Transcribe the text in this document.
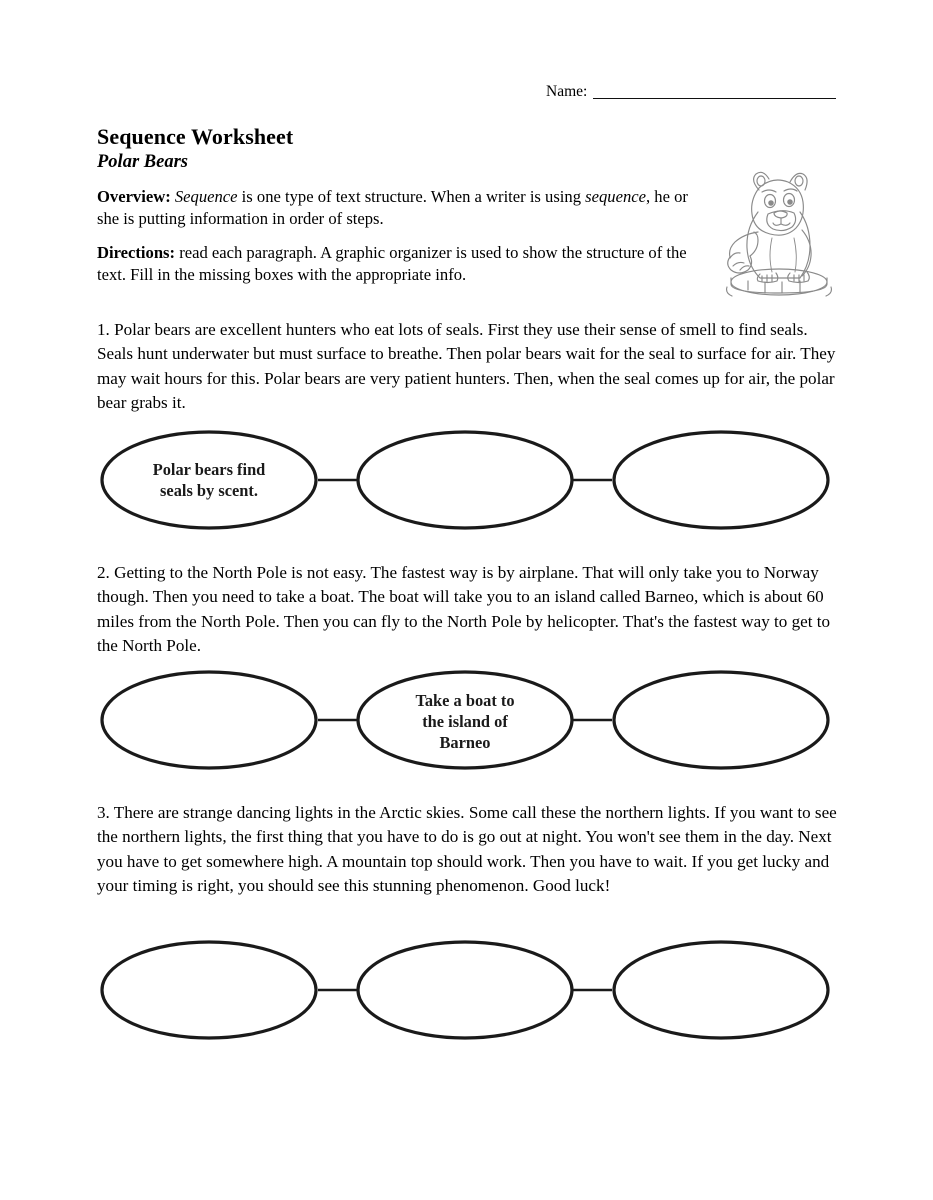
Name:
Sequence Worksheet
Polar Bears
Overview: Sequence is one type of text structure. When a writer is using sequence, he or she is putting information in order of steps.
Directions: read each paragraph. A graphic organizer is used to show the structure of the text. Fill in the missing boxes with the appropriate info.
1. Polar bears are excellent hunters who eat lots of seals. First they use their sense of smell to find seals. Seals hunt underwater but must surface to breathe. Then polar bears wait for the seal to surface for air. They may wait hours for this. Polar bears are very patient hunters. Then, when the seal comes up for air, the polar bear grabs it.
Polar bears find
seals by scent.
2. Getting to the North Pole is not easy. The fastest way is by airplane. That will only take you to Norway though. Then you need to take a boat. The boat will take you to an island called Barneo, which is about 60 miles from the North Pole. Then you can fly to the North Pole by helicopter. That's the fastest way to get to the North Pole.
Take a boat to
the island of
Barneo
3. There are strange dancing lights in the Arctic skies. Some call these the northern lights. If you want to see the northern lights, the first thing that you have to do is go out at night. You won't see them in the day. Next you have to get somewhere high. A mountain top should work. Then you have to wait. If you get lucky and your timing is right, you should see this stunning phenomenon. Good luck!
